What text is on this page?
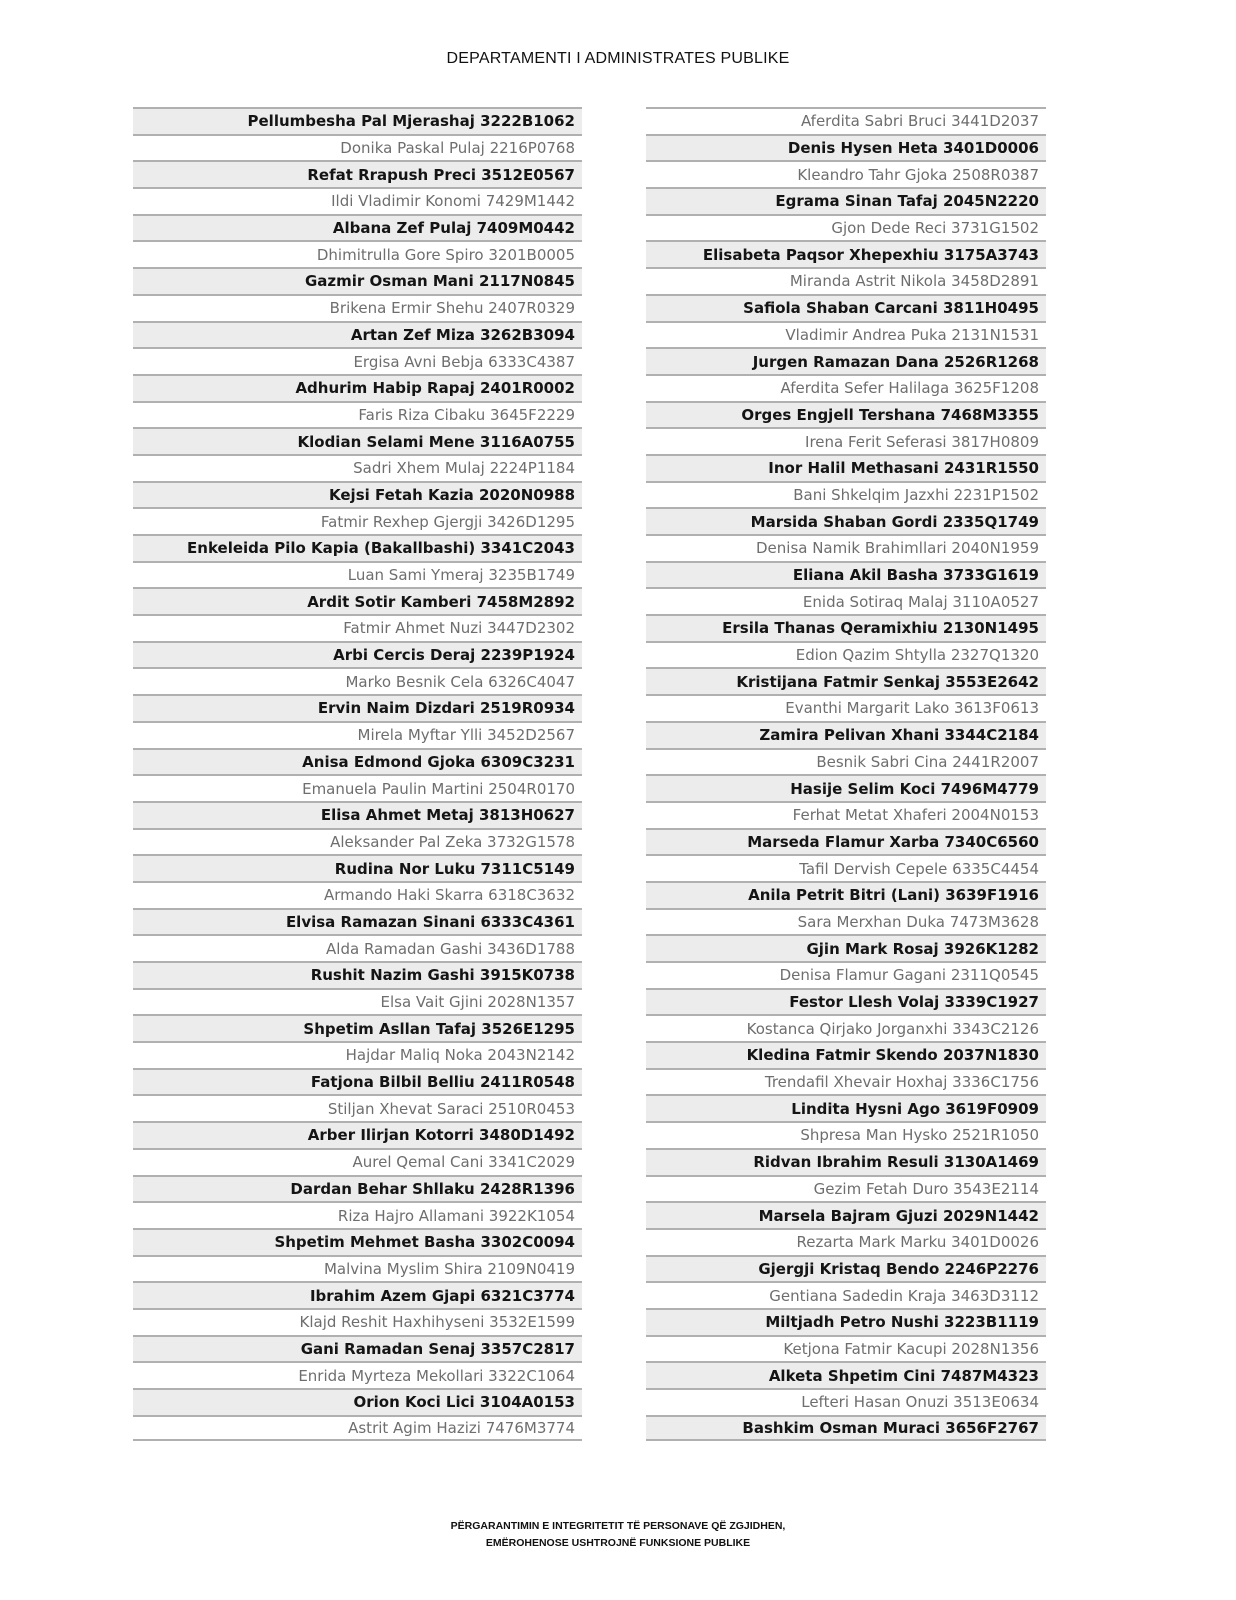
DEPARTAMENTI I ADMINISTRATES PUBLIKE
Pellumbesha Pal Mjerashaj 3222B1062
Donika Paskal Pulaj 2216P0768
Refat Rrapush Preci 3512E0567
Ildi Vladimir Konomi 7429M1442
Albana Zef Pulaj 7409M0442
Dhimitrulla Gore Spiro 3201B0005
Gazmir Osman Mani 2117N0845
Brikena Ermir Shehu 2407R0329
Artan Zef Miza 3262B3094
Ergisa Avni Bebja 6333C4387
Adhurim Habip Rapaj 2401R0002
Faris Riza Cibaku 3645F2229
Klodian Selami Mene 3116A0755
Sadri Xhem Mulaj 2224P1184
Kejsi Fetah Kazia 2020N0988
Fatmir Rexhep Gjergji 3426D1295
Enkeleida Pilo Kapia (Bakallbashi) 3341C2043
Luan Sami Ymeraj 3235B1749
Ardit Sotir Kamberi 7458M2892
Fatmir Ahmet Nuzi 3447D2302
Arbi Cercis Deraj 2239P1924
Marko Besnik Cela 6326C4047
Ervin Naim Dizdari 2519R0934
Mirela Myftar Ylli 3452D2567
Anisa Edmond Gjoka 6309C3231
Emanuela Paulin Martini 2504R0170
Elisa Ahmet Metaj 3813H0627
Aleksander Pal Zeka 3732G1578
Rudina Nor Luku 7311C5149
Armando Haki Skarra 6318C3632
Elvisa Ramazan Sinani 6333C4361
Alda Ramadan Gashi 3436D1788
Rushit Nazim Gashi 3915K0738
Elsa Vait Gjini 2028N1357
Shpetim Asllan Tafaj 3526E1295
Hajdar Maliq Noka 2043N2142
Fatjona Bilbil Belliu 2411R0548
Stiljan Xhevat Saraci 2510R0453
Arber Ilirjan Kotorri 3480D1492
Aurel Qemal Cani 3341C2029
Dardan Behar Shllaku 2428R1396
Riza Hajro Allamani 3922K1054
Shpetim Mehmet Basha 3302C0094
Malvina Myslim Shira 2109N0419
Ibrahim Azem Gjapi 6321C3774
Klajd Reshit Haxhihyseni 3532E1599
Gani Ramadan Senaj 3357C2817
Enrida Myrteza Mekollari 3322C1064
Orion Koci Lici 3104A0153
Astrit Agim Hazizi 7476M3774
Aferdita Sabri Bruci 3441D2037
Denis Hysen Heta 3401D0006
Kleandro Tahr Gjoka 2508R0387
Egrama Sinan Tafaj 2045N2220
Gjon Dede Reci 3731G1502
Elisabeta Paqsor Xhepexhiu 3175A3743
Miranda Astrit Nikola 3458D2891
Safiola Shaban Carcani 3811H0495
Vladimir Andrea Puka 2131N1531
Jurgen Ramazan Dana 2526R1268
Aferdita Sefer Halilaga 3625F1208
Orges Engjell Tershana 7468M3355
Irena Ferit Seferasi 3817H0809
Inor Halil Methasani 2431R1550
Bani Shkelqim Jazxhi 2231P1502
Marsida Shaban Gordi 2335Q1749
Denisa Namik Brahimllari 2040N1959
Eliana Akil Basha 3733G1619
Enida Sotiraq Malaj 3110A0527
Ersila Thanas Qeramixhiu 2130N1495
Edion Qazim Shtylla 2327Q1320
Kristijana Fatmir Senkaj 3553E2642
Evanthi Margarit Lako 3613F0613
Zamira Pelivan Xhani 3344C2184
Besnik Sabri Cina 2441R2007
Hasije Selim Koci 7496M4779
Ferhat Metat Xhaferi 2004N0153
Marseda Flamur Xarba 7340C6560
Tafil Dervish Cepele 6335C4454
Anila Petrit Bitri (Lani) 3639F1916
Sara Merxhan Duka 7473M3628
Gjin Mark Rosaj 3926K1282
Denisa Flamur Gagani 2311Q0545
Festor Llesh Volaj 3339C1927
Kostanca Qirjako Jorganxhi 3343C2126
Kledina Fatmir Skendo 2037N1830
Trendafil Xhevair Hoxhaj 3336C1756
Lindita Hysni Ago 3619F0909
Shpresa Man Hysko 2521R1050
Ridvan Ibrahim Resuli 3130A1469
Gezim Fetah Duro 3543E2114
Marsela Bajram Gjuzi 2029N1442
Rezarta Mark Marku 3401D0026
Gjergji Kristaq Bendo 2246P2276
Gentiana Sadedin Kraja 3463D3112
Miltjadh Petro Nushi 3223B1119
Ketjona Fatmir Kacupi 2028N1356
Alketa Shpetim Cini 7487M4323
Lefteri Hasan Onuzi 3513E0634
Bashkim Osman Muraci 3656F2767
PËRGARANTIMIN E INTEGRITETIT TË PERSONAVE QË ZGJIDHEN,
EMËROHENOSE USHTROJNË FUNKSIONE PUBLIKE
